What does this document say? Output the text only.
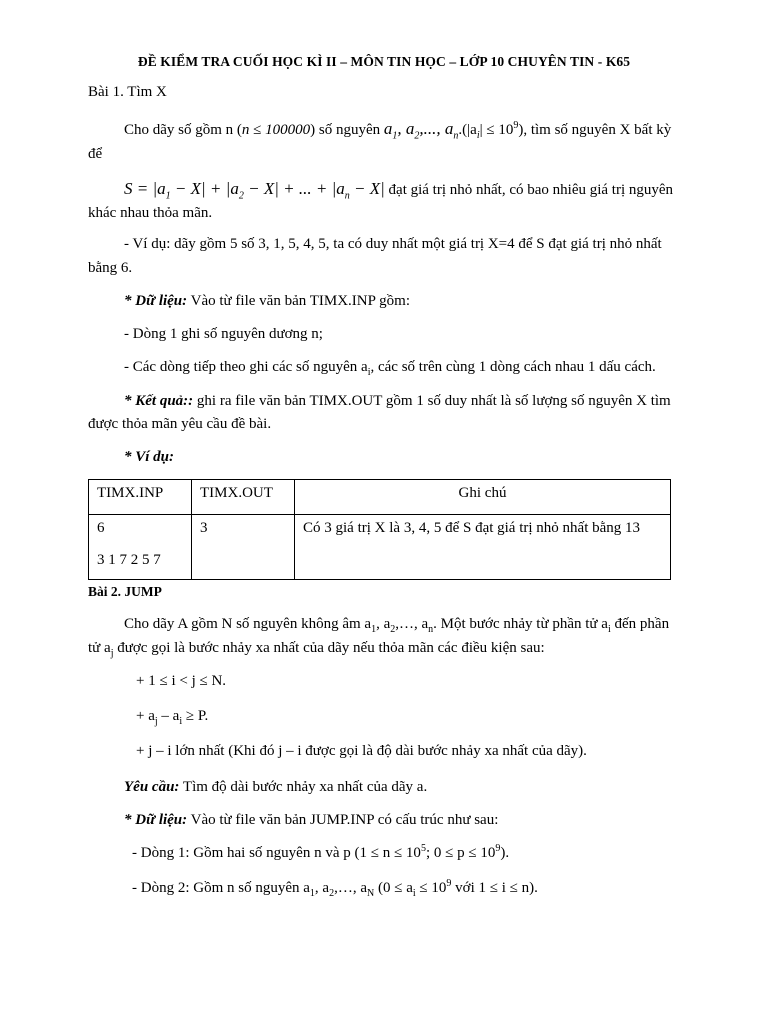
ĐỀ KIỂM TRA CUỐI HỌC KÌ II – MÔN TIN HỌC – LỚP 10 CHUYÊN TIN - K65
Bài 1. Tìm X
Cho dãy số gồm n (n ≤ 100000) số nguyên $a_1$, $a_2$,..., $a_n.(|a_i| \le 10^9)$, tìm số nguyên X bất kỳ để
$S = |a_1 - X| + |a_2 - X|$ + ... + $|a_n - X|$ đạt giá trị nhỏ nhất, có bao nhiêu giá trị nguyên khác nhau thỏa mãn.
- Ví dụ: dãy gồm 5 số 3, 1, 5, 4, 5, ta có duy nhất một giá trị X=4 để S đạt giá trị nhỏ nhất bằng 6.
* Dữ liệu: Vào từ file văn bản TIMX.INP gồm:
- Dòng 1 ghi số nguyên dương n;
- Các dòng tiếp theo ghi các số nguyên $a_i$, các số trên cùng 1 dòng cách nhau 1 dấu cách.
* Kết quả:: ghi ra file văn bản TIMX.OUT gồm 1 số duy nhất là số lượng số nguyên X tìm được thỏa mãn yêu cầu đề bài.
* Ví dụ:
TIMX.INP	TIMX.OUT	Ghi chú
6
3 1 7 2 5 7	3	Có 3 giá trị X là 3, 4, 5 để S đạt giá trị nhỏ nhất bằng 13
Bài 2. JUMP
Cho dãy A gồm N số nguyên không âm $a_1$, $a_2,\dots$, $a_n$. Một bước nhảy từ phần tử $a_i$ đến phần tử $a_j$ được gọi là bước nhảy xa nhất của dãy nếu thỏa mãn các điều kiện sau:
+ 1 ≤ i < j ≤ N.
+ $a_j - a_i \ge P$.
+ j – i lớn nhất (Khi đó j – i được gọi là độ dài bước nhảy xa nhất của dãy).
Yêu cầu: Tìm độ dài bước nhảy xa nhất của dãy a.
* Dữ liệu: Vào từ file văn bản JUMP.INP có cấu trúc như sau:
- Dòng 1: Gồm hai số nguyên n và p ($1 \le n \le 10^5$; $0 \le p \le 10^9$).
- Dòng 2: Gồm n số nguyên $a_1$, $a_2,\dots$, $a_N$ ($0 \le a_i \le 10^9$ với 1 ≤ i ≤ n).
